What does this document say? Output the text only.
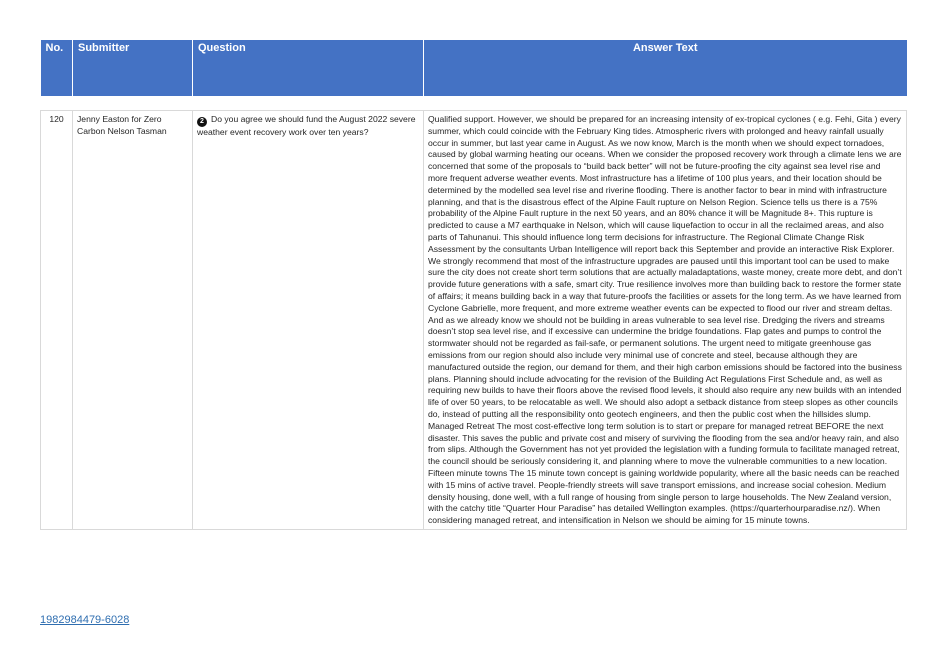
No.	Submitter	Question	Answer Text

120	Jenny Easton for Zero Carbon Nelson Tasman	2 Do you agree we should fund the August 2022 severe weather event recovery work over ten years?	Qualified support. However, we should be prepared for an increasing intensity of ex-tropical cyclones ( e.g. Fehi, Gita ) every summer, which could coincide with the February King tides. Atmospheric rivers with prolonged and heavy rainfall usually occur in summer, but last year came in August. As we now know, March is the month when we should expect tornadoes, caused by global warming heating our oceans. When we consider the proposed recovery work through a climate lens we are concerned that some of the proposals to “build back better” will not be future-proofing the city against sea level rise and more frequent adverse weather events. Most infrastructure has a lifetime of 100 plus years, and their location should be determined by the modelled sea level rise and riverine flooding. There is another factor to bear in mind with infrastructure planning, and that is the disastrous effect of the Alpine Fault rupture on Nelson Region. Science tells us there is a 75% probability of the Alpine Fault rupture in the next 50 years, and an 80% chance it will be Magnitude 8+. This rupture is predicted to cause a M7 earthquake in Nelson, which will cause liquefaction to occur in all the reclaimed areas, and also parts of Tahunanui. This should influence long term decisions for infrastructure. The Regional Climate Change Risk Assessment by the consultants Urban Intelligence will report back this September and provide an interactive Risk Explorer. We strongly recommend that most of the infrastructure upgrades are paused until this important tool can be used to make sure the city does not create short term solutions that are actually maladaptations, waste money, create more debt, and don’t provide future generations with a safe, smart city. True resilience involves more than building back to restore the former state of affairs; it means building back in a way that future-proofs the facilities or assets for the long term. As we have learned from Cyclone Gabrielle, more frequent, and more extreme weather events can be expected to flood our river and stream deltas. And as we already know we should not be building in areas vulnerable to sea level rise. Dredging the rivers and streams doesn’t stop sea level rise, and if excessive can undermine the bridge foundations. Flap gates and pumps to control the stormwater should not be regarded as fail-safe, or permanent solutions. The urgent need to mitigate greenhouse gas emissions from our region should also include very minimal use of concrete and steel, because although they are manufactured outside the region, our demand for them, and their high carbon emissions should be factored into the business plans. Planning should include advocating for the revision of the Building Act Regulations First Schedule and, as well as requiring new builds to have their floors above the revised flood levels, it should also require any new builds with an intended life of over 50 years, to be relocatable as well. We should also adopt a setback distance from steep slopes as other councils do, instead of putting all the responsibility onto geotech engineers, and then the public cost when the hillsides slump. Managed Retreat The most cost-effective long term solution is to start or prepare for managed retreat BEFORE the next disaster. This saves the public and private cost and misery of surviving the flooding from the sea and/or heavy rain, and also from slips. Although the Government has not yet provided the legislation with a funding formula to facilitate managed retreat, the council should be seriously considering it, and planning where to move the vulnerable communities to a new location. Fifteen minute towns The 15 minute town concept is gaining worldwide popularity, where all the basic needs can be reached with 15 mins of active travel. People-friendly streets will save transport emissions, and increase social cohesion. Medium density housing, done well, with a full range of housing from single person to large households. The New Zealand version, with the catchy title “Quarter Hour Paradise” has detailed Wellington examples. (https://quarterhourparadise.nz/). When considering managed retreat, and intensification in Nelson we should be aiming for 15 minute towns.
1982984479-6028
